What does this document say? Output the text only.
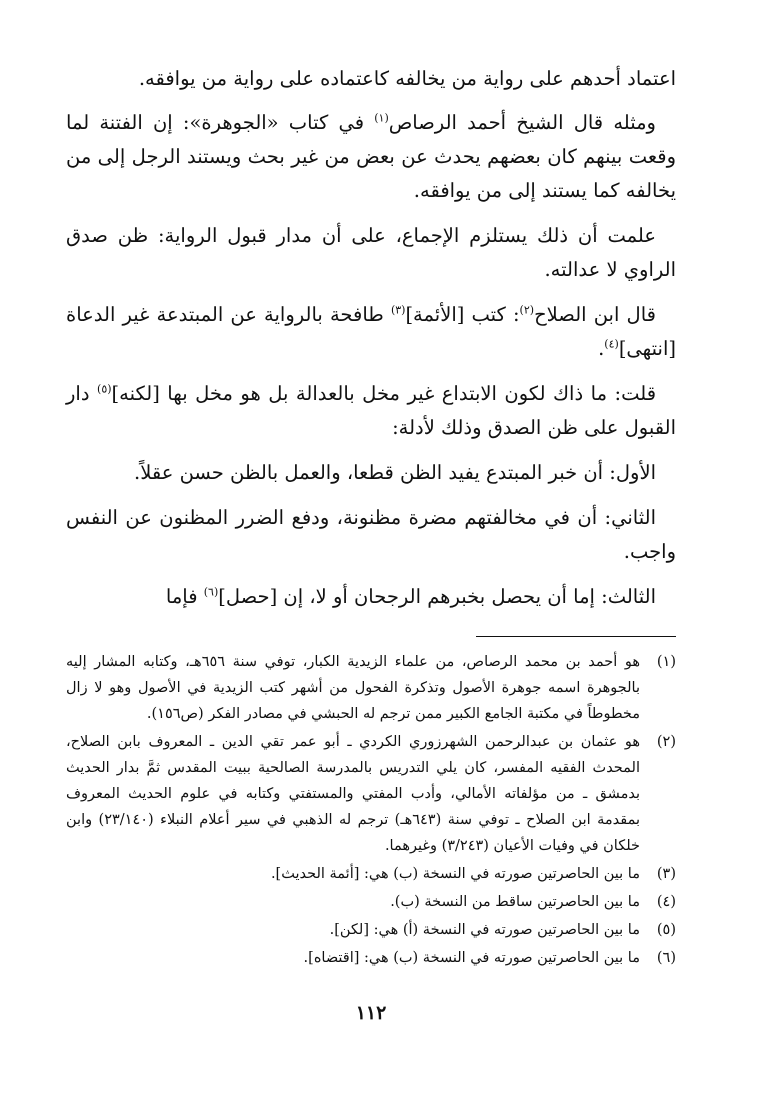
اعتماد أحدهم على رواية من يخالفه كاعتماده على رواية من يوافقه.

ومثله قال الشيخ أحمد الرصاص$^{(١)}$ في كتاب «الجوهرة»: إن الفتنة لما وقعت بينهم كان بعضهم يحدث عن بعض من غير بحث ويستند الرجل إلى من يخالفه كما يستند إلى من يوافقه.

علمت أن ذلك يستلزم الإجماع، على أن مدار قبول الرواية: ظن صدق الراوي لا عدالته.

قال ابن الصلاح$^{(٢)}$: كتب [الأئمة]$^{(٣)}$ طافحة بالرواية عن المبتدعة غير الدعاة [انتهى]$^{(٤)}$.

قلت: ما ذاك لكون الابتداع غير مخل بالعدالة بل هو مخل بها [لكنه]$^{(٥)}$ دار القبول على ظن الصدق وذلك لأدلة:

الأول: أن خبر المبتدع يفيد الظن قطعا، والعمل بالظن حسن عقلاً.

الثاني: أن في مخالفتهم مضرة مظنونة، ودفع الضرر المظنون عن النفس واجب.

الثالث: إما أن يحصل بخبرهم الرجحان أو لا، إن [حصل]$^{(٦)}$ فإما

(١)
هو أحمد بن محمد الرصاص، من علماء الزيدية الكبار، توفي سنة ٦٥٦هـ، وكتابه المشار إليه بالجوهرة اسمه جوهرة الأصول وتذكرة الفحول من أشهر كتب الزيدية في الأصول وهو لا زال مخطوطاً في مكتبة الجامع الكبير ممن ترجم له الحبشي في مصادر الفكر (ص١٥٦).
(٢)
هو عثمان بن عبدالرحمن الشهرزوري الكردي ـ أبو عمر تقي الدين ـ المعروف بابن الصلاح، المحدث الفقيه المفسر، كان يلي التدريس بالمدرسة الصالحية ببيت المقدس ثمَّ بدار الحديث بدمشق ـ من مؤلفاته الأمالي، وأدب المفتي والمستفتي وكتابه في علوم الحديث المعروف بمقدمة ابن الصلاح ـ توفي سنة (٦٤٣هـ) ترجم له الذهبي في سير أعلام النبلاء (٢٣/١٤٠) وابن خلكان في وفيات الأعيان (٣/٢٤٣) وغيرهما.
(٣)
ما بين الحاصرتين صورته في النسخة (ب) هي: [أئمة الحديث].
(٤)
ما بين الحاصرتين ساقط من النسخة (ب).
(٥)
ما بين الحاصرتين صورته في النسخة (أ) هي: [لكن].
(٦)
ما بين الحاصرتين صورته في النسخة (ب) هي: [اقتضاه].
١١٢
